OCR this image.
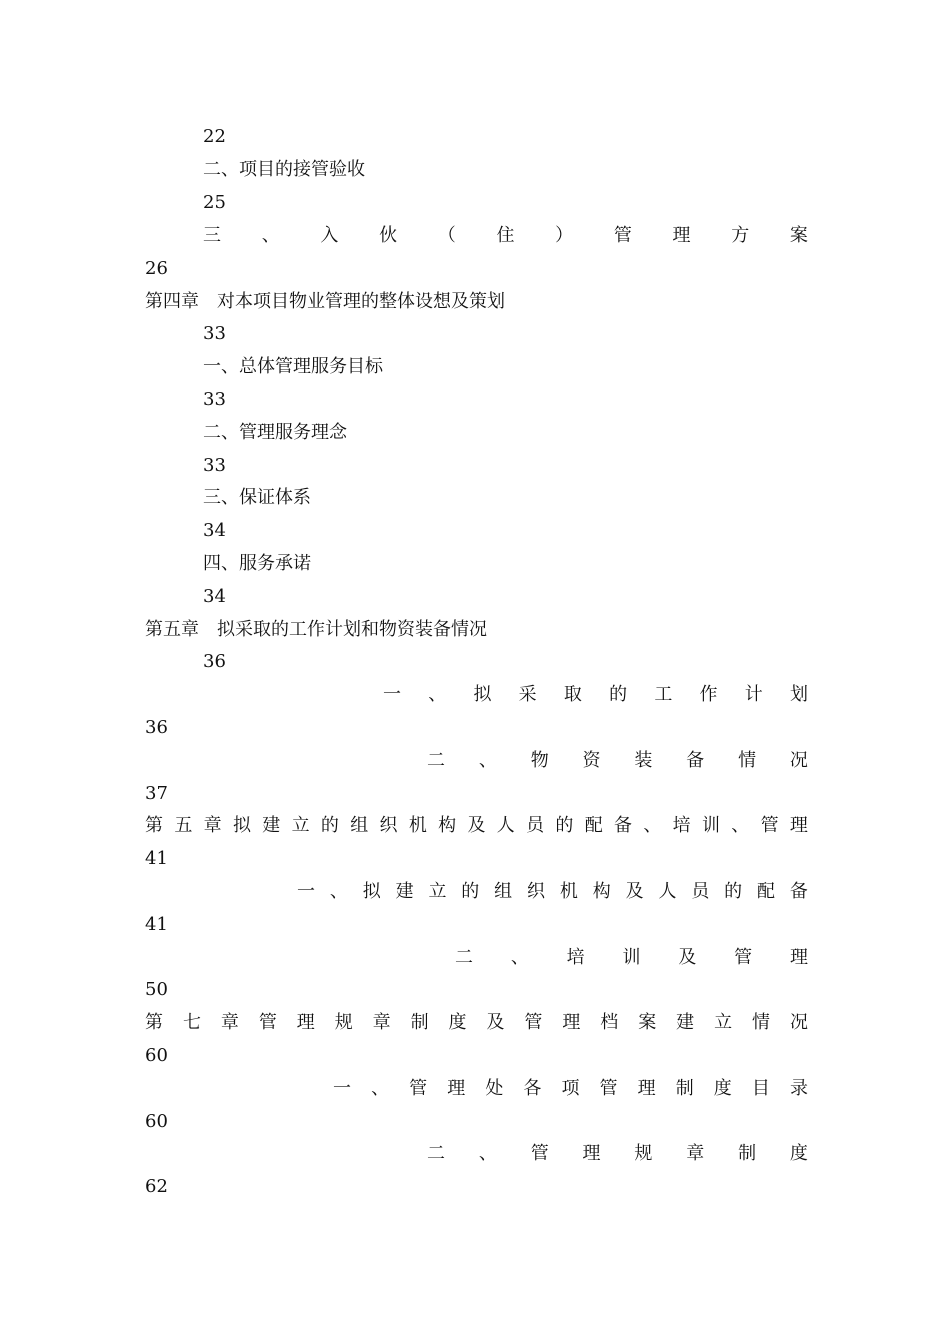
22
二、项目的接管验收
25
三 、 入 伙 （ 住 ） 管 理 方 案
26
第四章　对本项目物业管理的整体设想及策划
33
一、总体管理服务目标
33
二、管理服务理念
33
三、保证体系
34
四、服务承诺
34
第五章　拟采取的工作计划和物资装备情况
36
一 、 拟 采 取 的 工 作 计 划
36
二 、 物 资 装 备 情 况
37
第 五 章 拟 建 立 的 组 织 机 构 及 人 员 的 配 备 、 培 训 、 管 理
41
一 、 拟 建 立 的 组 织 机 构 及 人 员 的 配 备
41
二 、 培 训 及 管 理
50
第 七 章 管 理 规 章 制 度 及 管 理 档 案 建 立 情 况
60
一 、 管 理 处 各 项 管 理 制 度 目 录
60
二 、 管 理 规 章 制 度
62
